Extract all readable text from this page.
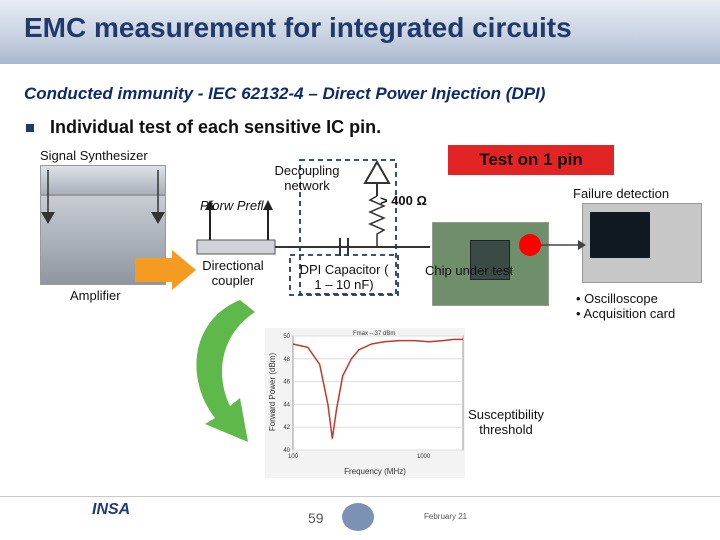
EMC measurement for integrated circuits
Conducted immunity - IEC 62132-4 – Direct Power Injection (DPI)
Individual test of each sensitive IC pin.
Signal Synthesizer
Amplifier
Pforw Prefl
Directional
coupler
Decoupling
network
> 400 Ω
DPI Capacitor (
1 – 10 nF)
Chip under test
Test on 1 pin
Failure detection
• Oscilloscope
• Acquisition card
40
42
44
46
48
50
100	1000
Fmax – 37 dBm
Forward Power (dBm)
Frequency (MHz)
Susceptibility
threshold
INSA	59	February 21
